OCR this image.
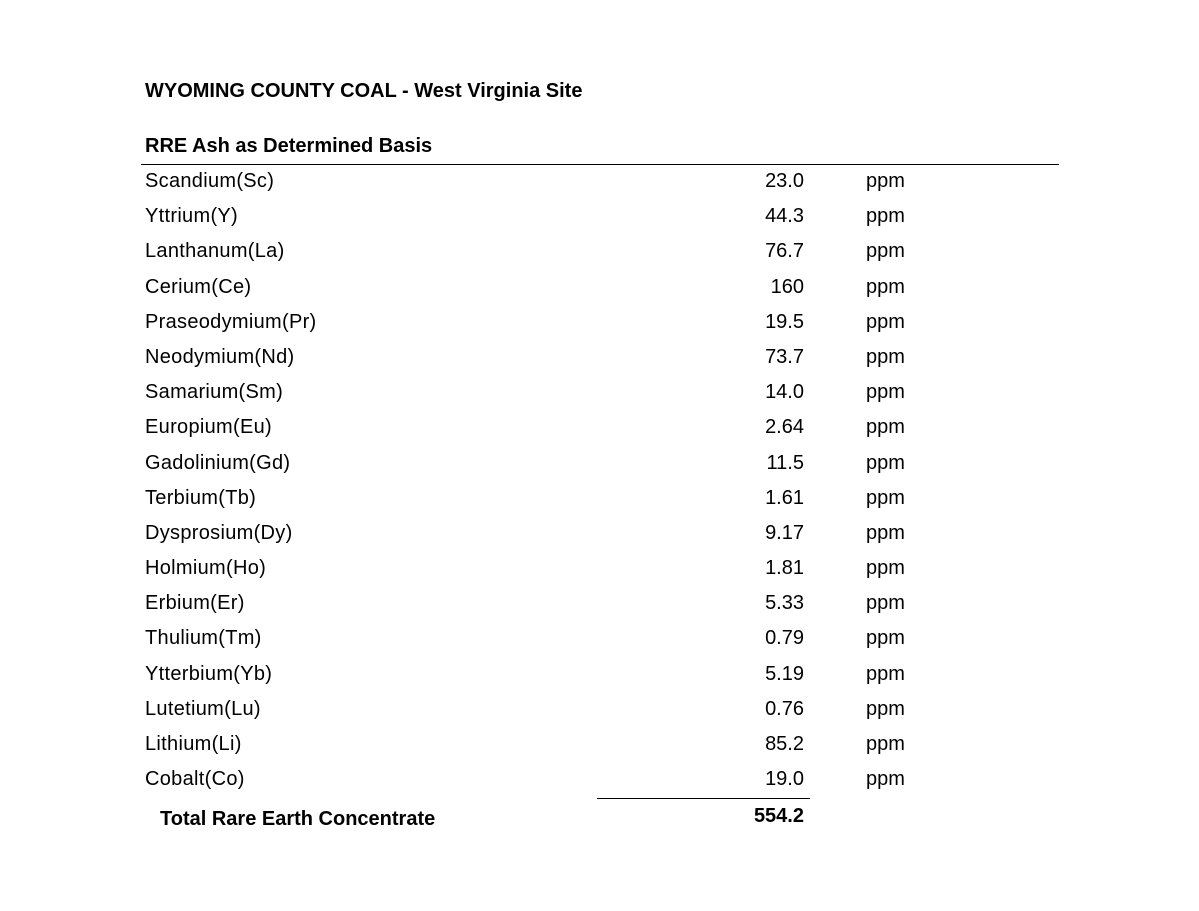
WYOMING COUNTY COAL - West Virginia Site
RRE Ash as Determined Basis
Scandium(Sc)	23.0	ppm
Yttrium(Y)	44.3	ppm
Lanthanum(La)	76.7	ppm
Cerium(Ce)	160	ppm
Praseodymium(Pr)	19.5	ppm
Neodymium(Nd)	73.7	ppm
Samarium(Sm)	14.0	ppm
Europium(Eu)	2.64	ppm
Gadolinium(Gd)	11.5	ppm
Terbium(Tb)	1.61	ppm
Dysprosium(Dy)	9.17	ppm
Holmium(Ho)	1.81	ppm
Erbium(Er)	5.33	ppm
Thulium(Tm)	0.79	ppm
Ytterbium(Yb)	5.19	ppm
Lutetium(Lu)	0.76	ppm
Lithium(Li)	85.2	ppm
Cobalt(Co)	19.0	ppm
Total Rare Earth Concentrate	554.2
